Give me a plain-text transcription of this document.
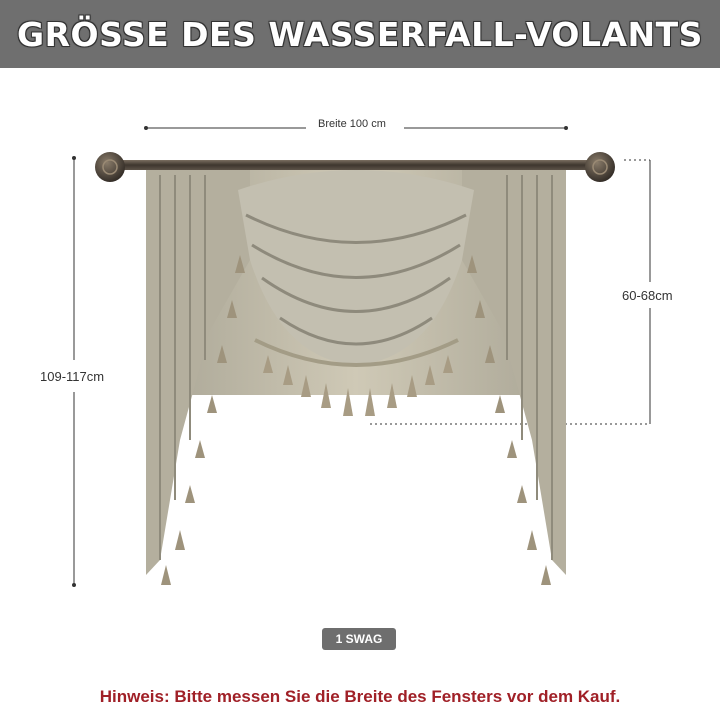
GRÖSSE DES WASSERFALL-VOLANTS
Breite 100 cm
109-117cm
60-68cm
1 SWAG
Hinweis: Bitte messen Sie die Breite des Fensters vor dem Kauf.
